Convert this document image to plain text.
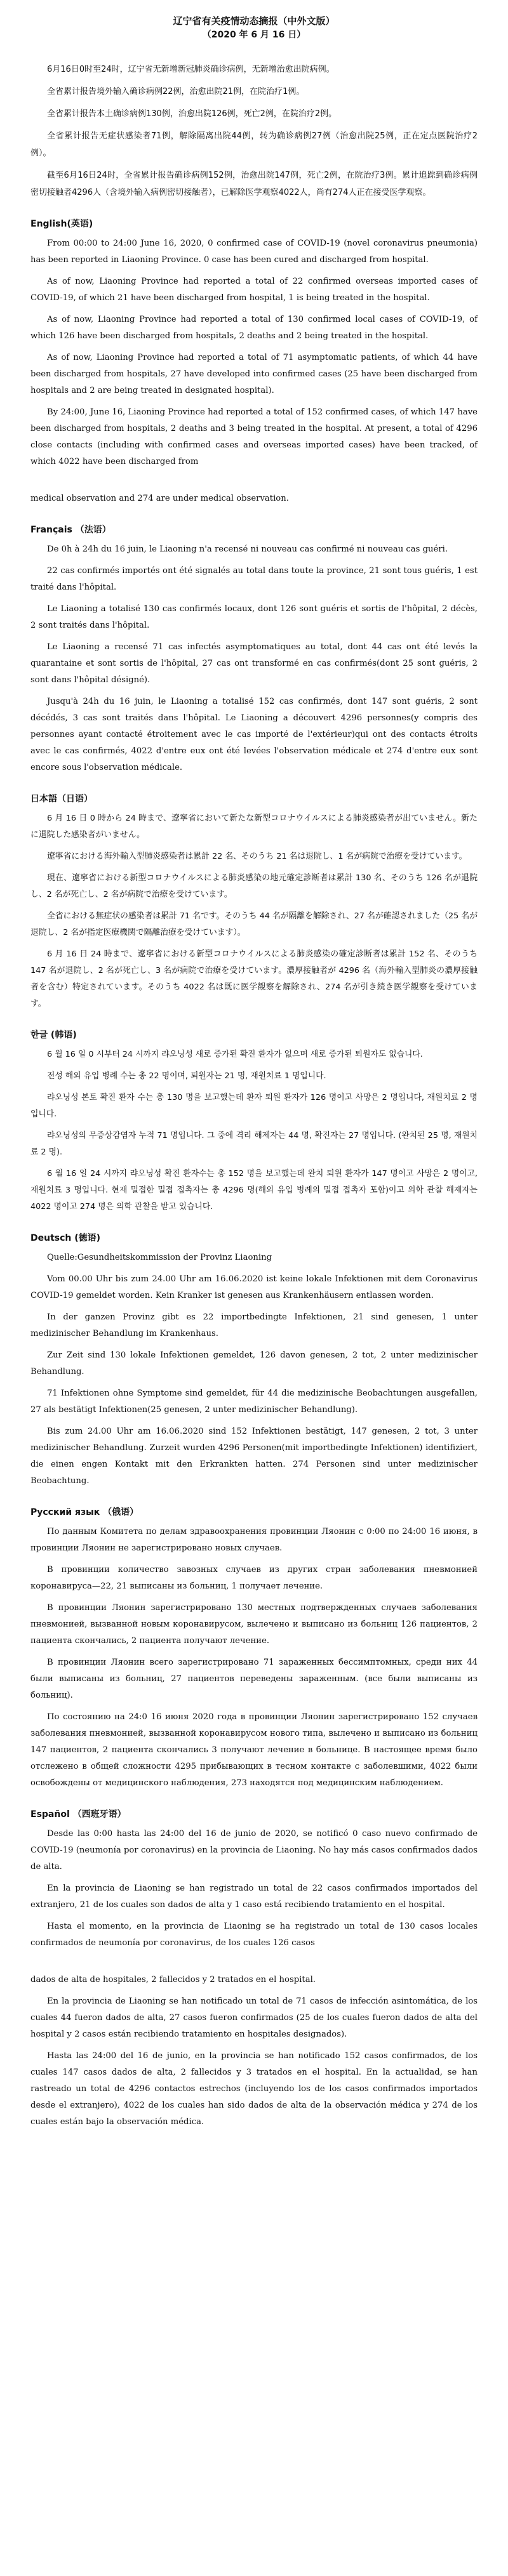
辽宁省有关疫情动态摘报（中外文版）

（2020 年 6 月 16 日）

6月16日0时至24时，辽宁省无新增新冠肺炎确诊病例，无新增治愈出院病例。

全省累计报告境外输入确诊病例22例，治愈出院21例，在院治疗1例。

全省累计报告本土确诊病例130例，治愈出院126例，死亡2例，在院治疗2例。

全省累计报告无症状感染者71例，解除隔离出院44例，转为确诊病例27例（治愈出院25例，正在定点医院治疗2例）。

截至6月16日24时，全省累计报告确诊病例152例，治愈出院147例，死亡2例，在院治疗3例。累计追踪到确诊病例密切接触者4296人（含境外输入病例密切接触者），已解除医学观察4022人，尚有274人正在接受医学观察。

English(英语)

From 00:00 to 24:00 June 16, 2020, 0 confirmed case of COVID-19 (novel coronavirus pneumonia) has been reported in Liaoning Province. 0 case has been cured and discharged from hospital.

As of now, Liaoning Province had reported a total of 22 confirmed overseas imported cases of COVID-19, of which 21 have been discharged from hospital, 1 is being treated in the hospital.

As of now, Liaoning Province had reported a total of 130 confirmed local cases of COVID-19, of which 126 have been discharged from hospitals, 2 deaths and 2 being treated in the hospital.

As of now, Liaoning Province had reported a total of 71 asymptomatic patients, of which 44 have been discharged from hospitals, 27 have developed into confirmed cases (25 have been discharged from hospitals and 2 are being treated in designated hospital).

By 24:00, June 16, Liaoning Province had reported a total of 152 confirmed cases, of which 147 have been discharged from hospitals, 2 deaths and 3 being treated in the hospital. At present, a total of 4296 close contacts (including with confirmed cases and overseas imported cases) have been tracked, of which 4022 have been discharged from

medical observation and 274 are under medical observation.

Français （法语）

De 0h à 24h du 16 juin, le Liaoning n'a recensé ni nouveau cas confirmé ni nouveau cas guéri.

22 cas confirmés importés ont été signalés au total dans toute la province, 21 sont tous guéris, 1 est traité dans l'hôpital.

Le Liaoning a totalisé 130 cas confirmés locaux, dont 126 sont guéris et sortis de l'hôpital, 2 décès, 2 sont traités dans l'hôpital.

Le Liaoning a recensé 71 cas infectés asymptomatiques au total, dont 44 cas ont été levés la quarantaine et sont sortis de l'hôpital, 27 cas ont transformé en cas confirmés(dont 25 sont guéris, 2 sont dans l'hôpital désigné).

Jusqu'à 24h du 16 juin, le Liaoning a totalisé 152 cas confirmés, dont 147 sont guéris, 2 sont décédés, 3 cas sont traités dans l'hôpital. Le Liaoning a découvert 4296 personnes(y compris des personnes ayant contacté étroitement avec le cas importé de l'extérieur)qui ont des contacts étroits avec le cas confirmés, 4022 d'entre eux ont été levées l'observation médicale et 274 d'entre eux sont encore sous l'observation médicale.

日本語（日语）

6 月 16 日 0 時から 24 時まで、遼寧省において新たな新型コロナウイルスによる肺炎感染者が出ていません。新たに退院した感染者がいません。

遼寧省における海外輸入型肺炎感染者は累計 22 名、そのうち 21 名は退院し、1 名が病院で治療を受けています。

現在、遼寧省における新型コロナウイルスによる肺炎感染の地元確定診断者は累計 130 名、そのうち 126 名が退院し、2 名が死亡し、2 名が病院で治療を受けています。

全省における無症状の感染者は累計 71 名です。そのうち 44 名が隔離を解除され、27 名が確認されました（25 名が退院し、2 名が指定医療機関で隔離治療を受けています）。

6 月 16 日 24 時まで、遼寧省における新型コロナウイルスによる肺炎感染の確定診断者は累計 152 名、そのうち 147 名が退院し、2 名が死亡し、3 名が病院で治療を受けています。濃厚接触者が 4296 名（海外輸入型肺炎の濃厚接触者を含む）特定されています。そのうち 4022 名は既に医学観察を解除され、274 名が引き続き医学観察を受けています。

한글 (韩语)

6 월 16 일 0 시부터 24 시까지 랴오닝성 새로 증가된 확진 환자가 없으며 새로 증가된 퇴원자도 없습니다.

전성 해외 유입 병례 수는 총 22 명이며, 퇴원자는 21 명, 재원치료 1 명입니다.

랴오닝성 본토 확진 환자 수는 총 130 명을 보고했는데 환자 퇴원 환자가 126 명이고 사망은 2 명입니다, 재원치료 2 명입니다.

랴오닝성의 무증상감염자 누적 71 명입니다. 그 중에 격리 해제자는 44 명, 확진자는 27 명입니다. (완치된 25 명, 재원치료 2 명).

6 월 16 일 24 시까지 랴오닝성 확진 환자수는 총 152 명을 보고했는데 완치 퇴원 환자가 147 명이고 사망은 2 명이고, 재원치료 3 명입니다. 현재 밀접한 밀접 접촉자는 총 4296 명(해외 유입 병례의 밀접 접촉자 포함)이고 의학 관찰 해제자는 4022 명이고 274 명은 의학 관찰을 받고 있습니다.

Deutsch (德语)

Quelle:Gesundheitskommission der Provinz Liaoning

Vom 00.00 Uhr bis zum 24.00 Uhr am 16.06.2020 ist keine lokale Infektionen mit dem Coronavirus COVID-19 gemeldet worden. Kein Kranker ist genesen aus Krankenhäusern entlassen worden.

In der ganzen Provinz gibt es 22 importbedingte Infektionen, 21 sind genesen, 1 unter medizinischer Behandlung im Krankenhaus.

Zur Zeit sind 130 lokale Infektionen gemeldet, 126 davon genesen, 2 tot, 2 unter medizinischer Behandlung.

71 Infektionen ohne Symptome sind gemeldet, für 44 die medizinische Beobachtungen ausgefallen, 27 als bestätigt Infektionen(25 genesen, 2 unter medizinischer Behandlung).

Bis zum 24.00 Uhr am 16.06.2020 sind 152 Infektionen bestätigt, 147 genesen, 2 tot, 3 unter medizinischer Behandlung. Zurzeit wurden 4296 Personen(mit importbedingte Infektionen) identifiziert, die einen engen Kontakt mit den Erkrankten hatten. 274 Personen sind unter medizinischer Beobachtung.

Русский язык （俄语）

По данным Комитета по делам здравоохранения провинции Ляонин с 0:00 по 24:00 16 июня, в провинции Ляонин не зарегистрировано новых случаев.

В провинции количество завозных случаев из других стран заболевания пневмонией коронавируса—22, 21 выписаны из больниц, 1 получает лечение.

В провинции Ляонин зарегистрировано 130 местных подтвержденных случаев заболевания пневмонией, вызванной новым коронавирусом, вылечено и выписано из больниц 126 пациентов, 2 пациента скончались, 2 пациента получают лечение.

В провинции Ляонин всего зарегистрировано 71 зараженных бессимптомных, среди них 44 были выписаны из больниц, 27 пациентов переведены зараженным. (все были выписаны из больниц).

По состоянию на 24:0 16 июня 2020 года в провинции Ляонин зарегистрировано 152 случаев заболевания пневмонией, вызванной коронавирусом нового типа, вылечено и выписано из больниц 147 пациентов, 2 пациента скончались 3 получают лечение в больнице. В настоящее время было отслежено в общей сложности 4295 прибывающих в тесном контакте с заболевшими, 4022 были освобождены от медицинского наблюдения, 273 находятся под медицинским наблюдением.

Español （西班牙语）

Desde las 0:00 hasta las 24:00 del 16 de junio de 2020, se notificó 0 caso nuevo confirmado de COVID-19 (neumonía por coronavirus) en la provincia de Liaoning. No hay más casos confirmados dados de alta.

En la provincia de Liaoning se han registrado un total de 22 casos confirmados importados del extranjero, 21 de los cuales son dados de alta y 1 caso está recibiendo tratamiento en el hospital.

Hasta el momento, en la provincia de Liaoning se ha registrado un total de 130 casos locales confirmados de neumonía por coronavirus, de los cuales 126 casos

dados de alta de hospitales, 2 fallecidos y 2 tratados en el hospital.

En la provincia de Liaoning se han notificado un total de 71 casos de infección asintomática, de los cuales 44 fueron dados de alta, 27 casos fueron confirmados (25 de los cuales fueron dados de alta del hospital y 2 casos están recibiendo tratamiento en hospitales designados).

Hasta las 24:00 del 16 de junio, en la provincia se han notificado 152 casos confirmados, de los cuales 147 casos dados de alta, 2 fallecidos y 3 tratados en el hospital. En la actualidad, se han rastreado un total de 4296 contactos estrechos (incluyendo los de los casos confirmados importados desde el extranjero), 4022 de los cuales han sido dados de alta de la observación médica y 274 de los cuales están bajo la observación médica.
